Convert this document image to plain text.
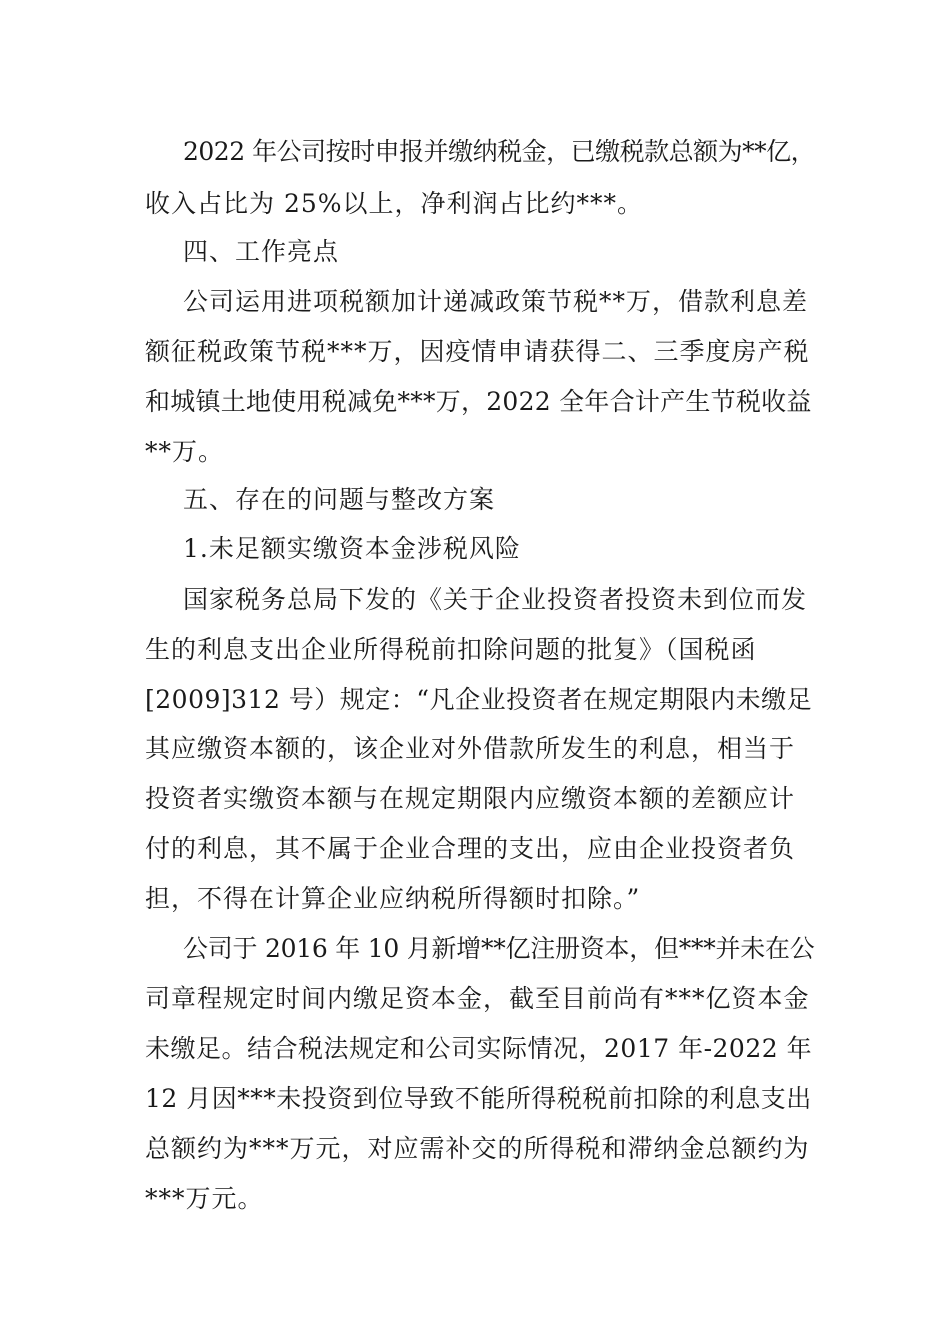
2022 年公司按时申报并缴纳税金，已缴税款总额为**亿，
收入占比为 25%以上，净利润占比约***。
四、工作亮点
公司运用进项税额加计递减政策节税**万，借款利息差
额征税政策节税***万，因疫情申请获得二、三季度房产税
和城镇土地使用税减免***万，2022 全年合计产生节税收益
**万。
五、存在的问题与整改方案
1.未足额实缴资本金涉税风险
国家税务总局下发的《关于企业投资者投资未到位而发
生的利息支出企业所得税前扣除问题的批复》（国税函
[2009]312 号）规定：“凡企业投资者在规定期限内未缴足
其应缴资本额的，该企业对外借款所发生的利息，相当于
投资者实缴资本额与在规定期限内应缴资本额的差额应计
付的利息，其不属于企业合理的支出，应由企业投资者负
担，不得在计算企业应纳税所得额时扣除。”
公司于 2016 年 10 月新增**亿注册资本，但***并未在公
司章程规定时间内缴足资本金，截至目前尚有***亿资本金
未缴足。结合税法规定和公司实际情况，2017 年-2022 年
12 月因***未投资到位导致不能所得税税前扣除的利息支出
总额约为***万元，对应需补交的所得税和滞纳金总额约为
***万元。
